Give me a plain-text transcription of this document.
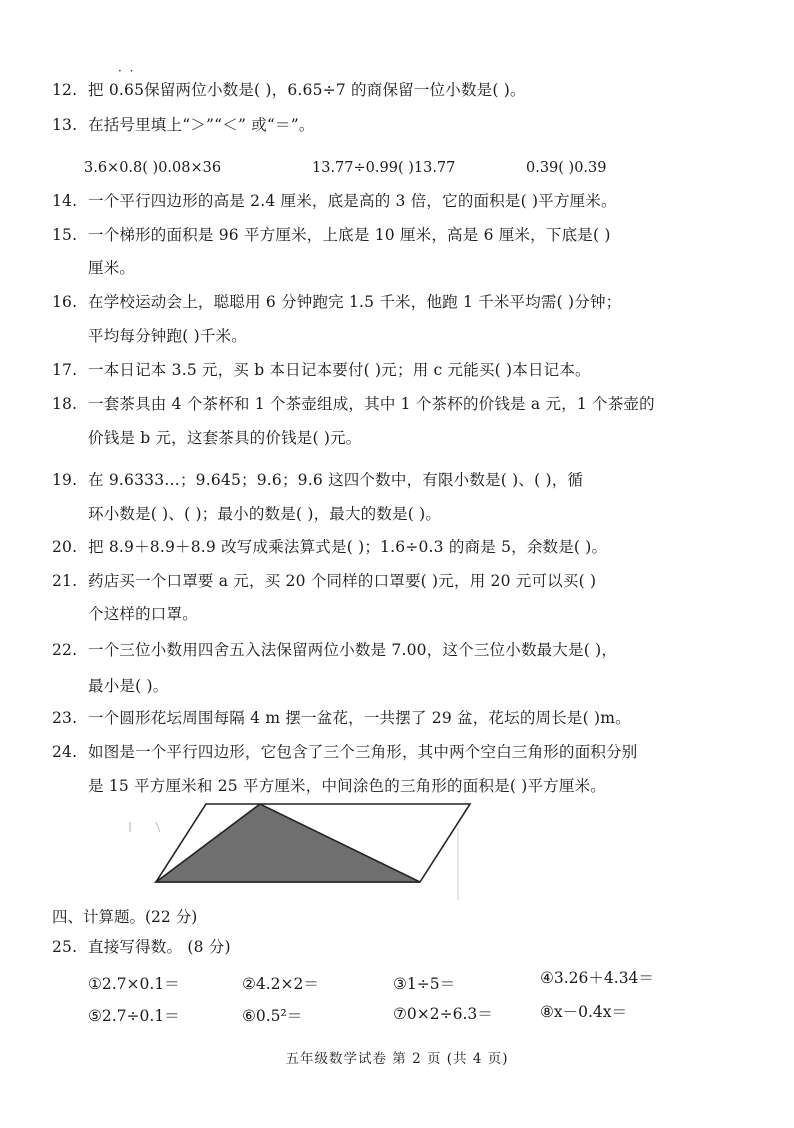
· ·
12. 把 0.65保留两位小数是( )，6.65÷7 的商保留一位小数是( )。
13. 在括号里填上“＞”“＜” 或“＝”。
3.6×0.8( )0.08×36	13.77÷0.99( )13.77	0.39( )0.39
14. 一个平行四边形的高是 2.4 厘米，底是高的 3 倍，它的面积是( )平方厘米。
15. 一个梯形的面积是 96 平方厘米，上底是 10 厘米，高是 6 厘米，下底是( )
厘米。
16. 在学校运动会上，聪聪用 6 分钟跑完 1.5 千米，他跑 1 千米平均需( )分钟；
平均每分钟跑( )千米。
17. 一本日记本 3.5 元，买 b 本日记本要付( )元；用 c 元能买( )本日记本。
18. 一套茶具由 4 个茶杯和 1 个茶壶组成，其中 1 个茶杯的价钱是 a 元，1 个茶壶的
价钱是 b 元，这套茶具的价钱是( )元。
19. 在 9.6333…；9.645；9.6；9.6 这四个数中，有限小数是( )、( )，循
环小数是( )、( )；最小的数是( )，最大的数是( )。
20. 把 8.9＋8.9＋8.9 改写成乘法算式是( )；1.6÷0.3 的商是 5，余数是( )。
21. 药店买一个口罩要 a 元，买 20 个同样的口罩要( )元，用 20 元可以买( )
个这样的口罩。
22. 一个三位小数用四舍五入法保留两位小数是 7.00，这个三位小数最大是( )，
最小是( )。
23. 一个圆形花坛周围每隔 4 m 摆一盆花，一共摆了 29 盆，花坛的周长是( )m。
24. 如图是一个平行四边形，它包含了三个三角形，其中两个空白三角形的面积分别
是 15 平方厘米和 25 平方厘米，中间涂色的三角形的面积是( )平方厘米。
四、计算题。(22 分)
25. 直接写得数。 (8 分)
①2.7×0.1＝	②4.2×2＝	③1÷5＝	④3.26＋4.34＝
⑤2.7÷0.1＝	⑥0.5²＝	⑦0×2÷6.3＝	⑧x－0.4x＝
五年级数学试卷 第 2 页 (共 4 页)
